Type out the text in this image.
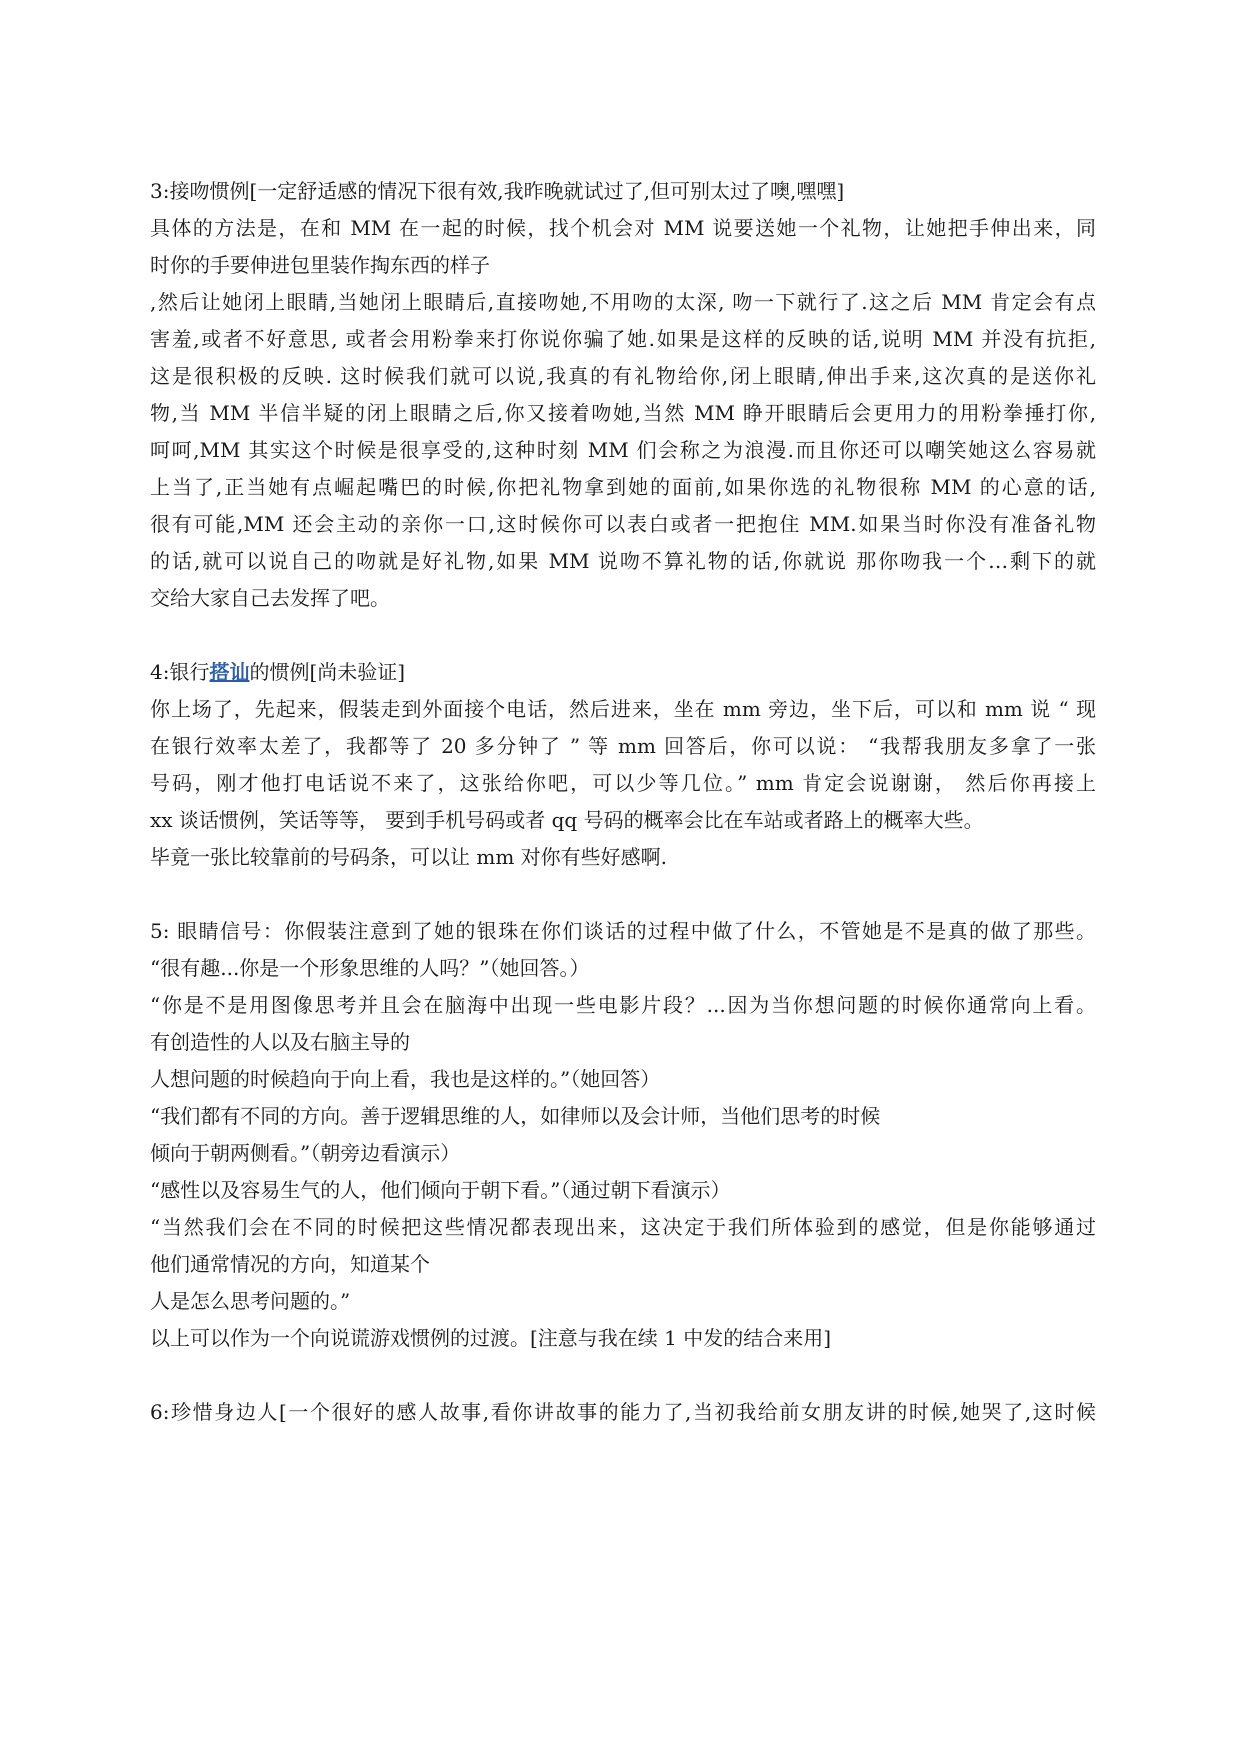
3:接吻惯例[一定舒适感的情况下很有效,我昨晚就试过了,但可别太过了噢,嘿嘿]
具体的方法是，在和 MM 在一起的时候，找个机会对 MM 说要送她一个礼物，让她把手伸出来，同
时你的手要伸进包里装作掏东西的样子
,然后让她闭上眼睛,当她闭上眼睛后,直接吻她,不用吻的太深, 吻一下就行了.这之后 MM 肯定会有点
害羞,或者不好意思, 或者会用粉拳来打你说你骗了她.如果是这样的反映的话,说明 MM 并没有抗拒,
这是很积极的反映. 这时候我们就可以说,我真的有礼物给你,闭上眼睛,伸出手来,这次真的是送你礼
物,当 MM 半信半疑的闭上眼睛之后,你又接着吻她,当然 MM 睁开眼睛后会更用力的用粉拳捶打你,
呵呵,MM 其实这个时候是很享受的,这种时刻 MM 们会称之为浪漫.而且你还可以嘲笑她这么容易就
上当了,正当她有点崛起嘴巴的时候,你把礼物拿到她的面前,如果你选的礼物很称 MM 的心意的话,
很有可能,MM 还会主动的亲你一口,这时候你可以表白或者一把抱住 MM.如果当时你没有准备礼物
的话,就可以说自己的吻就是好礼物,如果 MM 说吻不算礼物的话,你就说 那你吻我一个…剩下的就
交给大家自己去发挥了吧。
4:银行搭讪的惯例[尚未验证]
你上场了，先起来，假装走到外面接个电话，然后进来，坐在 mm 旁边，坐下后，可以和 mm 说 “ 现
在银行效率太差了，我都等了 20 多分钟了 ” 等 mm 回答后，你可以说： “我帮我朋友多拿了一张
号码，刚才他打电话说不来了，这张给你吧，可以少等几位。” mm 肯定会说谢谢， 然后你再接上
xx 谈话惯例，笑话等等， 要到手机号码或者 qq 号码的概率会比在车站或者路上的概率大些。
毕竟一张比较靠前的号码条，可以让 mm 对你有些好感啊.
5: 眼睛信号：你假装注意到了她的银珠在你们谈话的过程中做了什么，不管她是不是真的做了那些。
“很有趣...你是一个形象思维的人吗？”（她回答。）
“你是不是用图像思考并且会在脑海中出现一些电影片段？...因为当你想问题的时候你通常向上看。
有创造性的人以及右脑主导的
人想问题的时候趋向于向上看，我也是这样的。”（她回答）
“我们都有不同的方向。善于逻辑思维的人，如律师以及会计师，当他们思考的时候
倾向于朝两侧看。”（朝旁边看演示）
“感性以及容易生气的人，他们倾向于朝下看。”（通过朝下看演示）
“当然我们会在不同的时候把这些情况都表现出来，这决定于我们所体验到的感觉，但是你能够通过
他们通常情况的方向，知道某个
人是怎么思考问题的。”
以上可以作为一个向说谎游戏惯例的过渡。[注意与我在续 1 中发的结合来用]
6:珍惜身边人[一个很好的感人故事,看你讲故事的能力了,当初我给前女朋友讲的时候,她哭了,这时候
